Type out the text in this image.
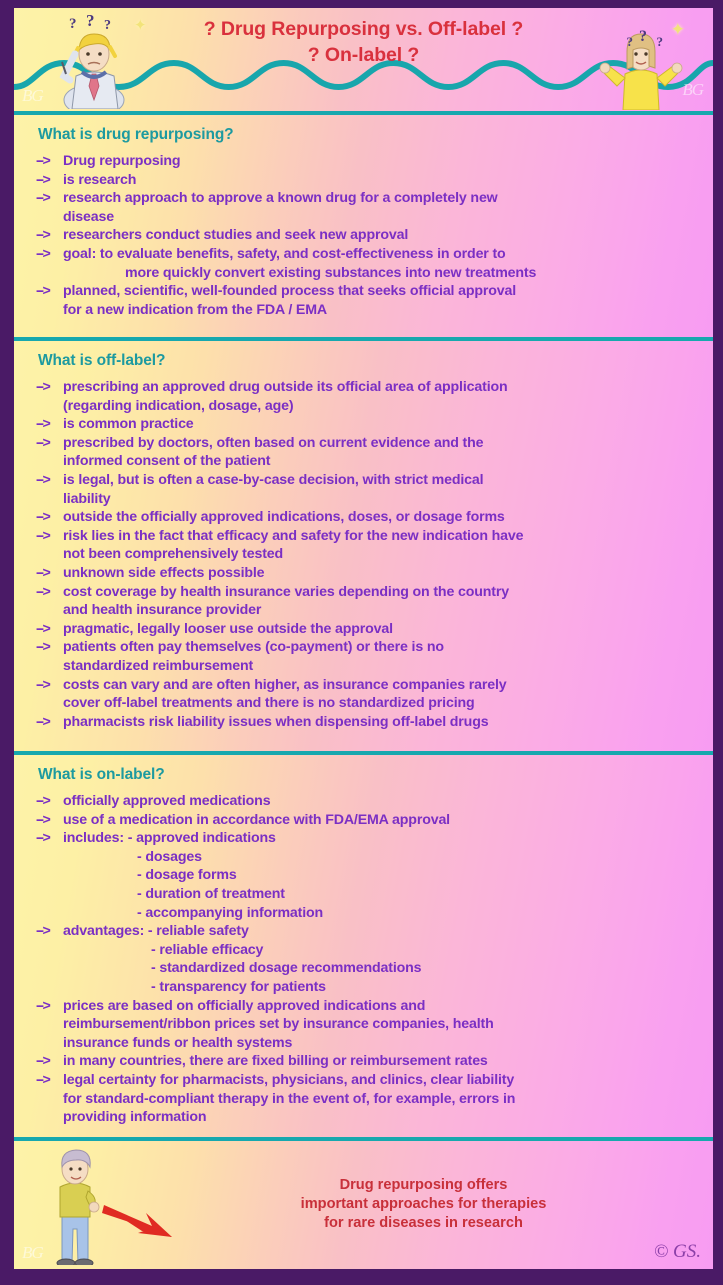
? ? ? ✦
BG
? ? ?
✦
BG
? Drug Repurposing vs. Off-label ?
? On-label ?
What is drug repurposing?
--> Drug repurposing
--> is research
--> research approach to approve a known drug for a completely new
disease
--> researchers conduct studies and seek new approval
--> goal: to evaluate benefits, safety, and cost-effectiveness in order to
more quickly convert existing substances into new treatments
--> planned, scientific, well-founded process that seeks official approval
for a new indication from the FDA / EMA
What is off-label?
--> prescribing an approved drug outside its official area of application
(regarding indication, dosage, age)
--> is common practice
--> prescribed by doctors, often based on current evidence and the
informed consent of the patient
--> is legal, but is often a case-by-case decision, with strict medical
liability
--> outside the officially approved indications, doses, or dosage forms
--> risk lies in the fact that efficacy and safety for the new indication have
not been comprehensively tested
--> unknown side effects possible
--> cost coverage by health insurance varies depending on the country
and health insurance provider
--> pragmatic, legally looser use outside the approval
--> patients often pay themselves (co-payment) or there is no
standardized reimbursement
--> costs can vary and are often higher, as insurance companies rarely
cover off-label treatments and there is no standardized pricing
--> pharmacists risk liability issues when dispensing off-label drugs
What is on-label?
--> officially approved medications
--> use of a medication in accordance with FDA/EMA approval
--> includes: - approved indications
- dosages
- dosage forms
- duration of treatment
- accompanying information
--> advantages: - reliable safety
- reliable efficacy
- standardized dosage recommendations
- transparency for patients
--> prices are based on officially approved indications and
reimbursement/ribbon prices set by insurance companies, health
insurance funds or health systems
--> in many countries, there are fixed billing or reimbursement rates
--> legal certainty for pharmacists, physicians, and clinics, clear liability
for standard-compliant therapy in the event of, for example, errors in
providing information
Drug repurposing offers
important approaches for therapies
for rare diseases in research
BG	© GS.
